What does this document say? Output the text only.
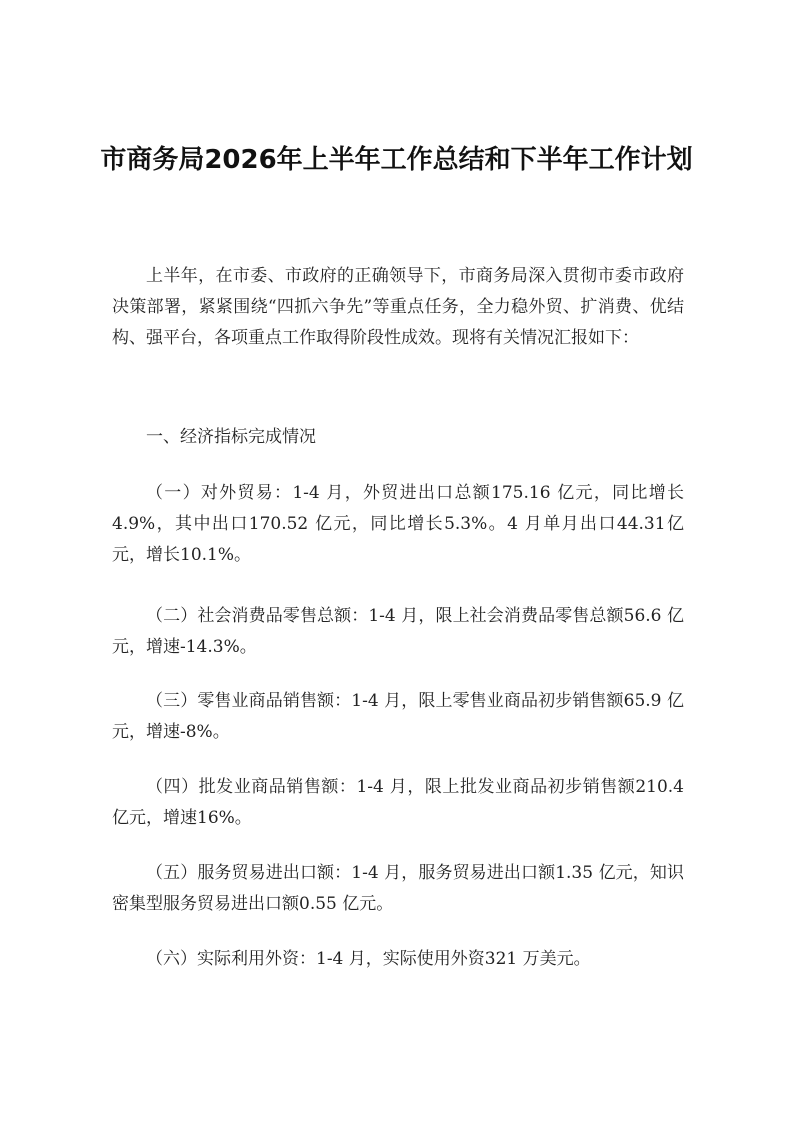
市商务局2026年上半年工作总结和下半年工作计划

上半年，在市委、市政府的正确领导下，市商务局深入贯彻市委市政府决策部署，紧紧围绕“四抓六争先”等重点任务，全力稳外贸、扩消费、优结构、强平台，各项重点工作取得阶段性成效。现将有关情况汇报如下：

一、经济指标完成情况

（一）对外贸易：1-4 月，外贸进出口总额175.16 亿元，同比增长4.9%，其中出口170.52 亿元，同比增长5.3%。4 月单月出口44.31亿元，增长10.1%。

（二）社会消费品零售总额：1-4 月，限上社会消费品零售总额56.6 亿元，增速-14.3%。

（三）零售业商品销售额：1-4 月，限上零售业商品初步销售额65.9 亿元，增速-8%。

（四）批发业商品销售额：1-4 月，限上批发业商品初步销售额210.4 亿元，增速16%。

（五）服务贸易进出口额：1-4 月，服务贸易进出口额1.35 亿元，知识密集型服务贸易进出口额0.55 亿元。

（六）实际利用外资：1-4 月，实际使用外资321 万美元。
